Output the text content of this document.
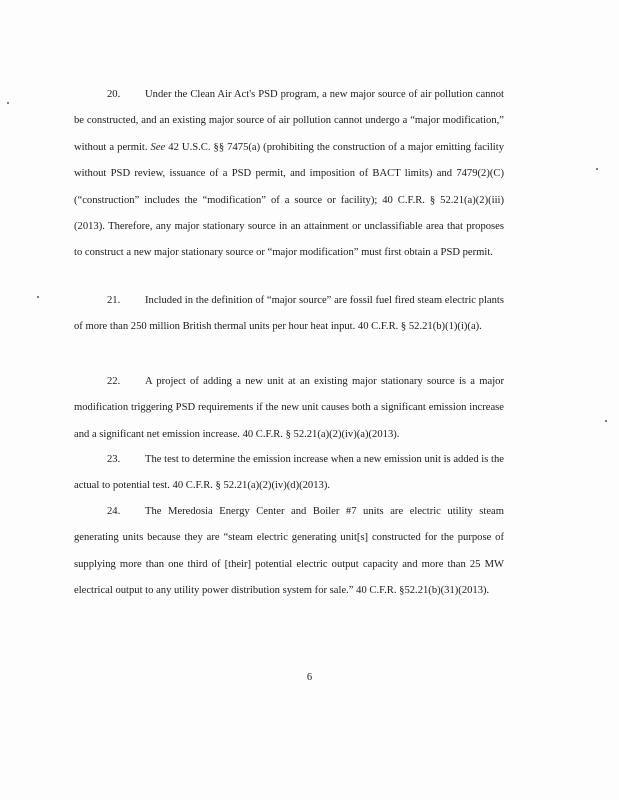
20. Under the Clean Air Act's PSD program, a new major source of air pollution cannot be constructed, and an existing major source of air pollution cannot undergo a “major modification,” without a permit. See 42 U.S.C. §§ 7475(a) (prohibiting the construction of a major emitting facility without PSD review, issuance of a PSD permit, and imposition of BACT limits) and 7479(2)(C) (“construction” includes the “modification” of a source or facility); 40 C.F.R. § 52.21(a)(2)(iii)(2013). Therefore, any major stationary source in an attainment or unclassifiable area that proposes to construct a new major stationary source or “major modification” must first obtain a PSD permit.

21. Included in the definition of “major source” are fossil fuel fired steam electric plants of more than 250 million British thermal units per hour heat input. 40 C.F.R. § 52.21(b)(1)(i)(a).

22. A project of adding a new unit at an existing major stationary source is a major modification triggering PSD requirements if the new unit causes both a significant emission increase and a significant net emission increase. 40 C.F.R. § 52.21(a)(2)(iv)(a)(2013).

23. The test to determine the emission increase when a new emission unit is added is the actual to potential test. 40 C.F.R. § 52.21(a)(2)(iv)(d)(2013).

24. The Meredosia Energy Center and Boiler #7 units are electric utility steam generating units because they are “steam electric generating unit[s] constructed for the purpose of supplying more than one third of [their] potential electric output capacity and more than 25 MW electrical output to any utility power distribution system for sale.” 40 C.F.R. §52.21(b)(31)(2013).

6
